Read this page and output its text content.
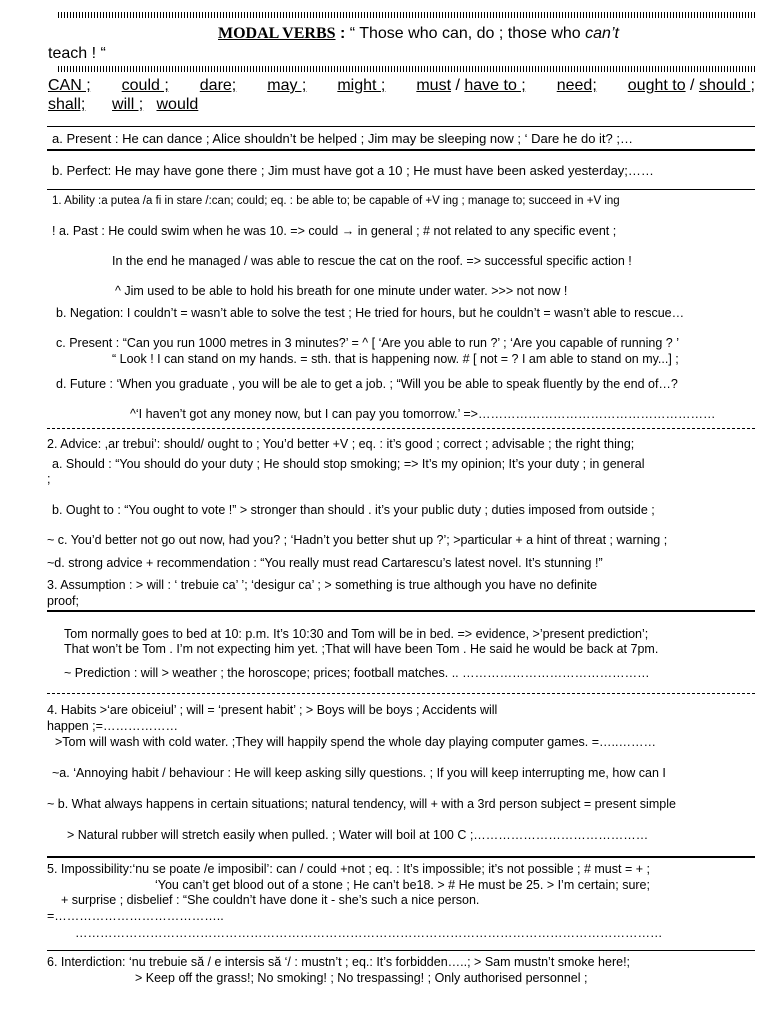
MODAL VERBS : “ Those who can, do ; those who can’t
teach ! “
CAN ; could ; dare; may ; might ; must / have to ; need; ought to / should ;
shall; will ; would
a. Present : He can dance ; Alice shouldn’t be helped ; Jim may be sleeping now ; ‘ Dare he do it? ;…
b. Perfect: He may have gone there ; Jim must have got a 10 ; He must have been asked yesterday;……
1. Ability :a putea /a fi in stare /:can; could; eq. : be able to; be capable of +V ing ; manage to; succeed in +V ing
! a. Past : He could swim when he was 10. => could → in general ; # not related to any specific event ;
In the end he managed / was able to rescue the cat on the roof. => successful specific action !
^ Jim used to be able to hold his breath for one minute under water. >>> not now !
b. Negation: I couldn’t = wasn’t able to solve the test ; He tried for hours, but he couldn’t = wasn’t able to rescue…
c. Present : “Can you run 1000 metres in 3 minutes?’ = ^ [ ‘Are you able to run ?’ ; ‘Are you capable of running ? ’
“ Look ! I can stand on my hands. = sth. that is happening now. # [ not = ? I am able to stand on my...] ;
d. Future : ‘When you graduate , you will be ale to get a job. ; “Will you be able to speak fluently by the end of…?
^‘I haven’t got any money now, but I can pay you tomorrow.’ =>…………………………………………………
2. Advice: ,ar trebui’: should/ ought to ; You’d better +V ; eq. : it’s good ; correct ; advisable ; the right thing;
a. Should : “You should do your duty ; He should stop smoking; => It’s my opinion; It’s your duty ; in general
;
b. Ought to : “You ought to vote !” > stronger than should . it’s your public duty ; duties imposed from outside ;
~ c. You’d better not go out now, had you? ; ‘Hadn’t you better shut up ?’; >particular + a hint of threat ; warning ;
~d. strong advice + recommendation : “You really must read Cartarescu’s latest novel. It’s stunning !”
3. Assumption : > will : ‘ trebuie ca’ ’; ‘desigur ca’ ; > something is true although you have no definite
proof;
Tom normally goes to bed at 10: p.m. It’s 10:30 and Tom will be in bed. => evidence, >’present prediction’;
That won’t be Tom . I’m not expecting him yet. ;That will have been Tom . He said he would be back at 7pm.
~ Prediction : will > weather ; the horoscope; prices; football matches. .. ………………………………………
4. Habits >‘are obiceiul’ ; will = ‘present habit’ ; > Boys will be boys ; Accidents will
happen ;=………………
>Tom will wash with cold water. ;They will happily spend the whole day playing computer games. =…..………
~a. ‘Annoying habit / behaviour : He will keep asking silly questions. ; If you will keep interrupting me, how can I
~ b. What always happens in certain situations; natural tendency, will + with a 3rd person subject = present simple
> Natural rubber will stretch easily when pulled. ; Water will boil at 100 C ;……………………………………
5. Impossibility:‘nu se poate /e imposibil’: can / could +not ; eq. : It’s impossible; it’s not possible ; # must = + ;
‘You can’t get blood out of a stone ; He can’t be18. > # He must be 25. > I’m certain; sure;
+ surprise ; disbelief : “She couldn’t have done it - she’s such a nice person.
=…………………………………..
……………………………………………………………………………………………………………………………
6. Interdiction: ‘nu trebuie să / e intersis să ‘/ : mustn’t ; eq.: It’s forbidden…..; > Sam mustn’t smoke here!;
> Keep off the grass!; No smoking! ; No trespassing! ; Only authorised personnel ;
